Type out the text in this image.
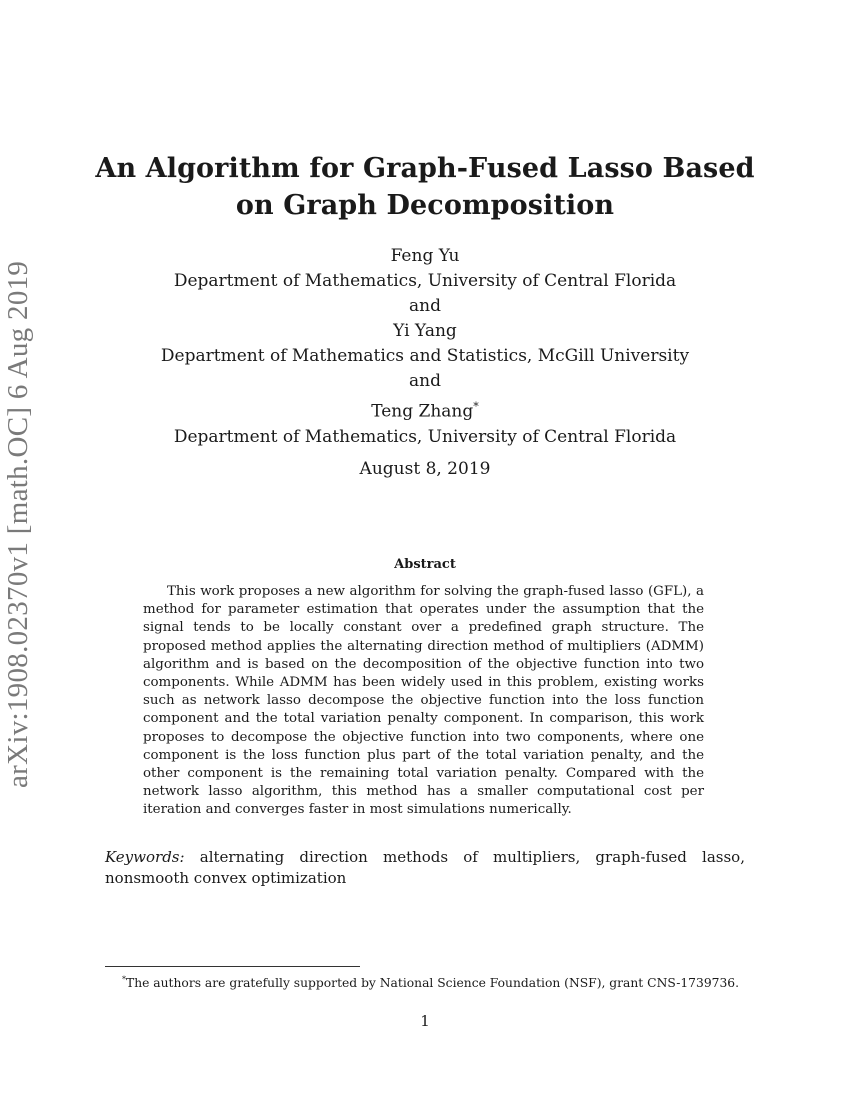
arXiv:1908.02370v1 [math.OC] 6 Aug 2019
An Algorithm for Graph-Fused Lasso Based
on Graph Decomposition
Feng Yu
Department of Mathematics, University of Central Florida
and
Yi Yang
Department of Mathematics and Statistics, McGill University
and
Teng Zhang*
Department of Mathematics, University of Central Florida
August 8, 2019
Abstract
This work proposes a new algorithm for solving the graph-fused lasso (GFL), a method for parameter estimation that operates under the assumption that the signal tends to be locally constant over a predefined graph structure. The proposed method applies the alternating direction method of multipliers (ADMM) algorithm and is based on the decomposition of the objective function into two components. While ADMM has been widely used in this problem, existing works such as network lasso decompose the objective function into the loss function component and the total variation penalty component. In comparison, this work proposes to decompose the objective function into two components, where one component is the loss function plus part of the total variation penalty, and the other component is the remaining total variation penalty. Compared with the network lasso algorithm, this method has a smaller computational cost per iteration and converges faster in most simulations numerically.
Keywords: alternating direction methods of multipliers, graph-fused lasso, nonsmooth convex optimization
*The authors are gratefully supported by National Science Foundation (NSF), grant CNS-1739736.
1
